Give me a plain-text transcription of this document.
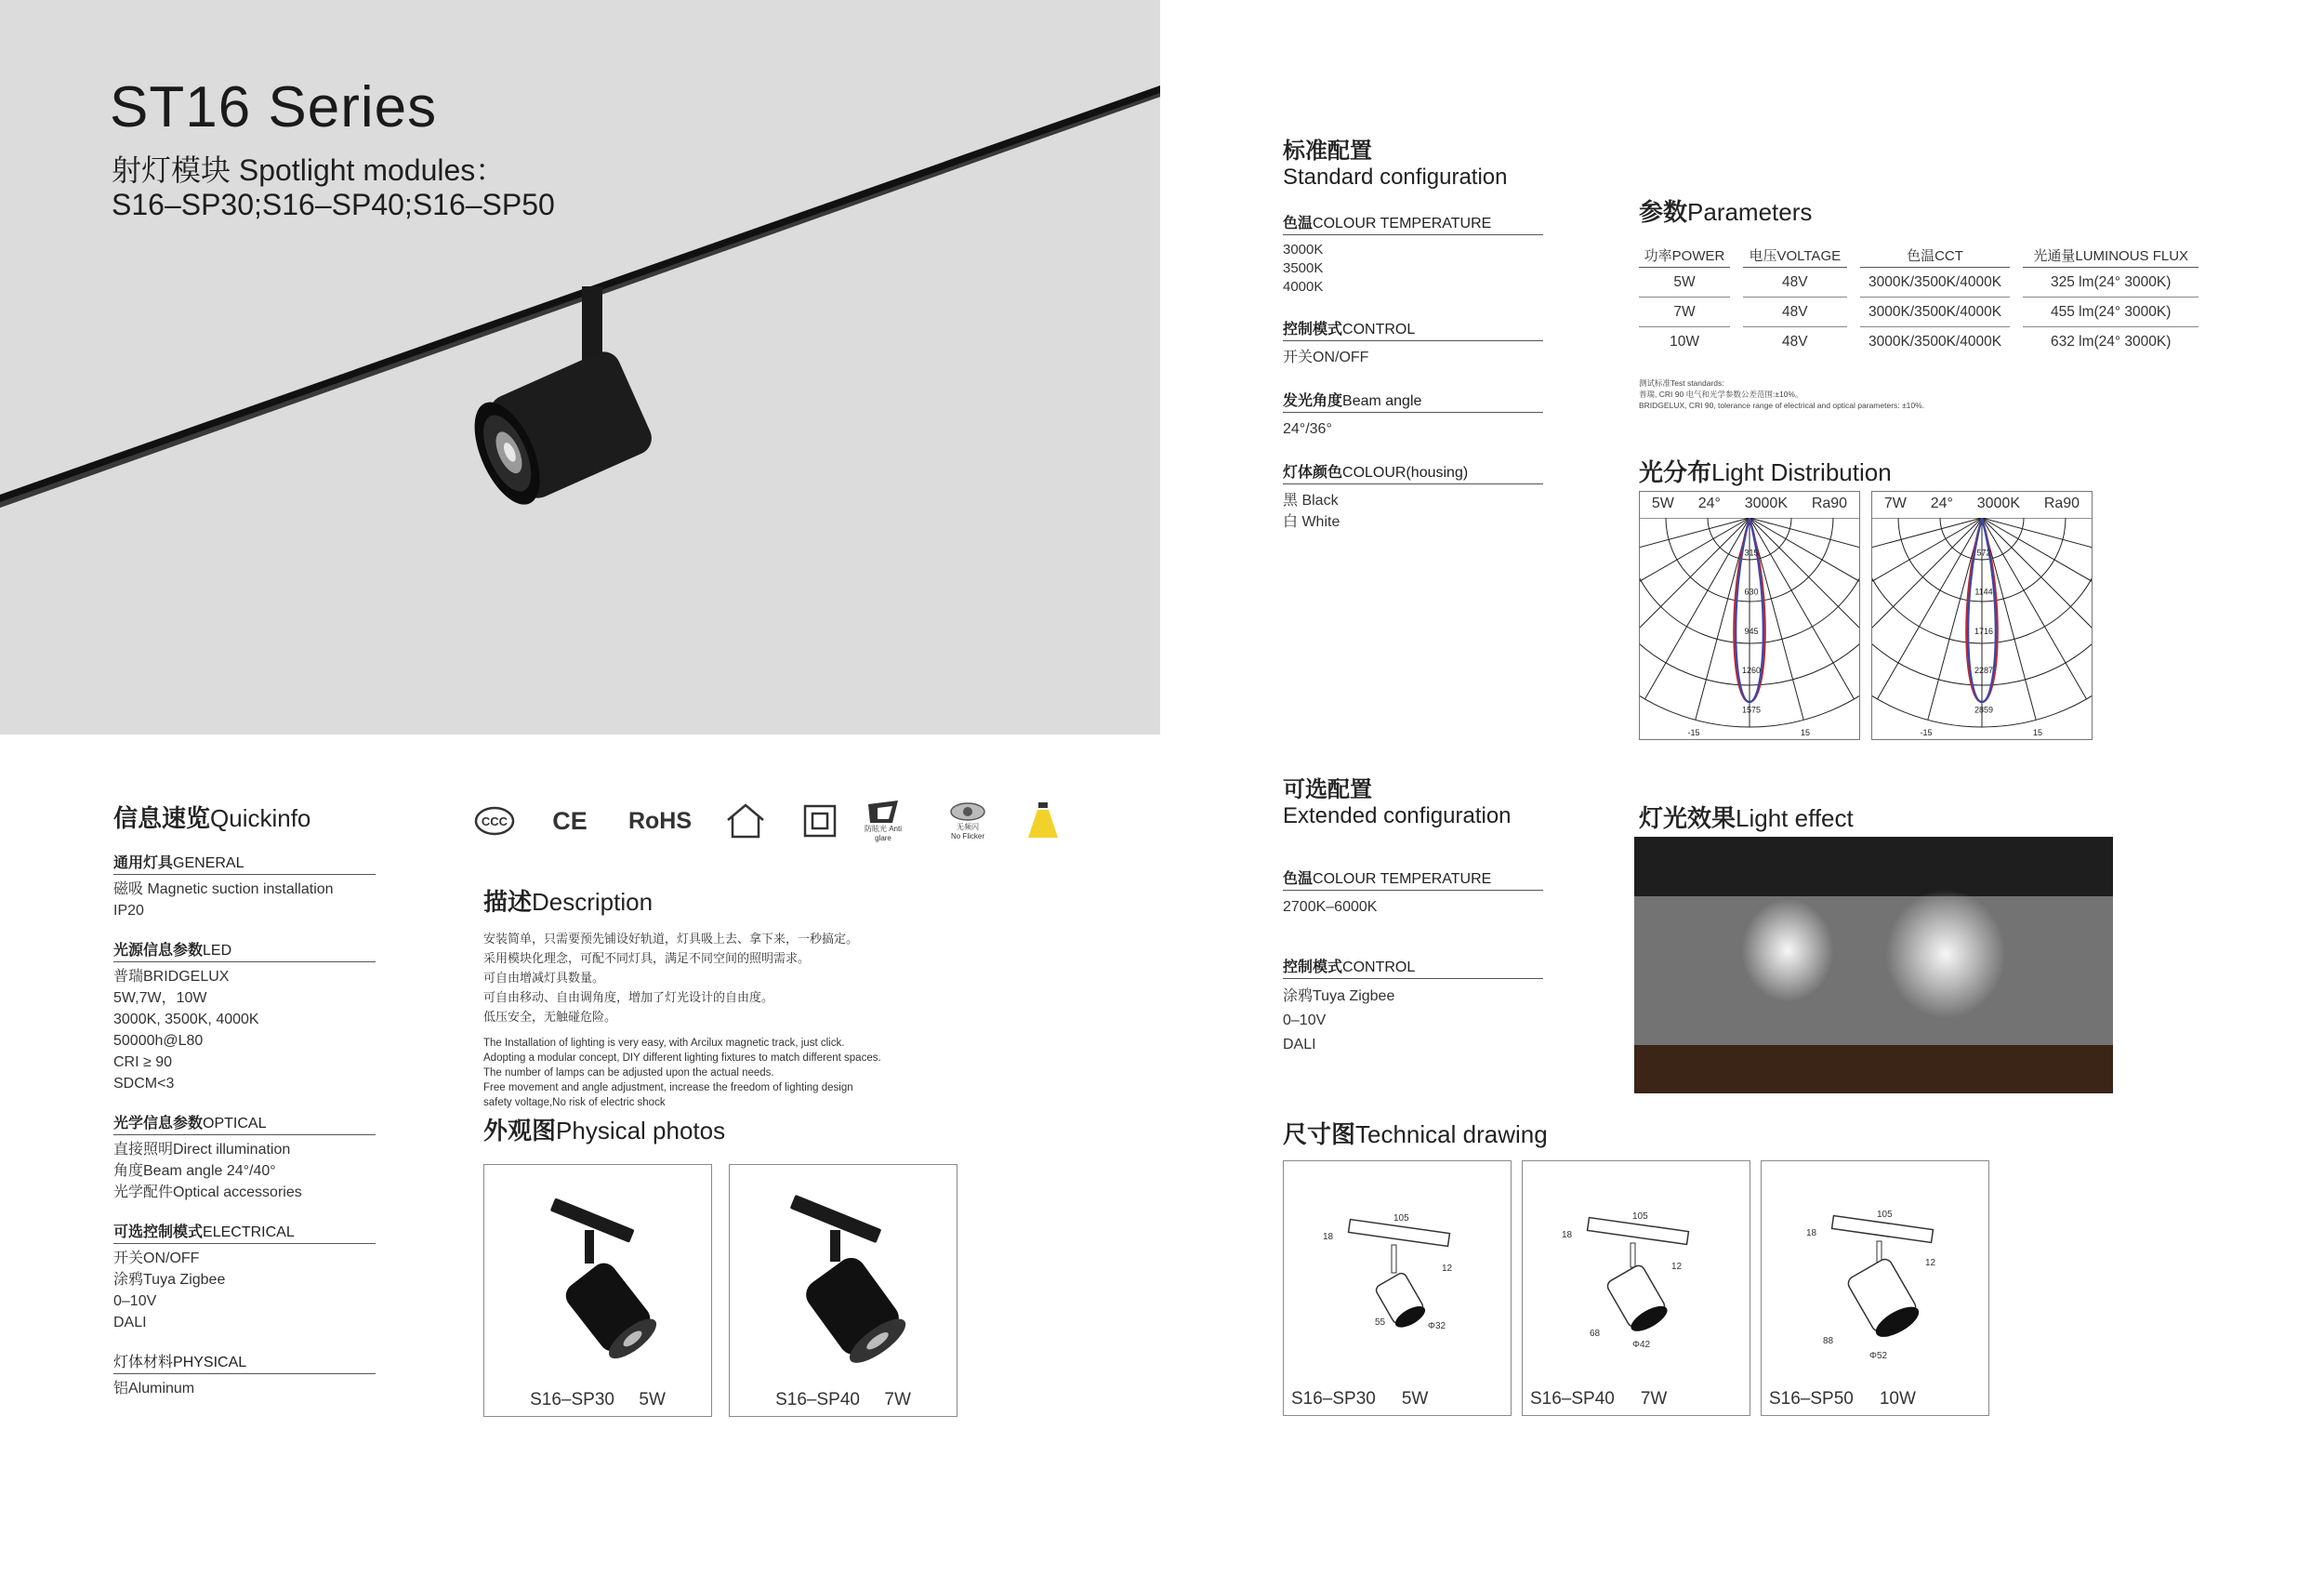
ST16 Series
射灯模块 Spotlight modules：
S16–SP30;S16–SP40;S16–SP50
信息速览Quickinfo
通用灯具GENERAL
磁吸 Magnetic suction installation
IP20
光源信息参数LED
普瑞BRIDGELUX
5W,7W，10W
3000K, 3500K, 4000K
50000h@L80
CRI ≥ 90
SDCM<3
光学信息参数OPTICAL
直接照明Direct illumination
角度Beam angle 24°/40°
光学配件Optical accessories
可选控制模式ELECTRICAL
开关ON/OFF
涂鸦Tuya Zigbee
0–10V
DALI
灯体材料PHYSICAL
铝Aluminum
CCC CE RoHS	防眩光 Anti glare
无频闪
No Flicker
描述Description
安装简单，只需要预先铺设好轨道，灯具吸上去、拿下来，一秒搞定。
采用模块化理念，可配不同灯具，满足不同空间的照明需求。
可自由增减灯具数量。
可自由移动、自由调角度，增加了灯光设计的自由度。
低压安全，无触碰危险。
The Installation of lighting is very easy, with Arcilux magnetic track, just click.
Adopting a modular concept, DIY different lighting fixtures to match different spaces.
The number of lamps can be adjusted upon the actual needs.
Free movement and angle adjustment, increase the freedom of lighting design
safety voltage,No risk of electric shock
外观图Physical photos
S16–SP30 5W	S16–SP40 7W
标准配置
Standard configuration
色温COLOUR TEMPERATURE
3000K
3500K
4000K
控制模式CONTROL
开关ON/OFF
发光角度Beam angle
24°/36°
灯体颜色COLOUR(housing)
黑 Black
白 White
参数Parameters
功率POWER	电压VOLTAGE	色温CCT	光通量LUMINOUS FLUX
5W	48V	3000K/3500K/4000K	325 lm(24° 3000K)
7W	48V	3000K/3500K/4000K	455 lm(24° 3000K)
10W	48V	3000K/3500K/4000K	632 lm(24° 3000K)
测试标准Test standards:
普瑞, CRI 90 电气和光学参数公差范围:±10%。
BRIDGELUX, CRI 90, tolerance range of electrical and optical parameters: ±10%.
光分布Light Distribution
5W 24° 3000K Ra90
315
630
945
1260
1575
-15	15
7W 24° 3000K Ra90
572
1144
1716
2287
2859
-15	15
可选配置
Extended configuration
色温COLOUR TEMPERATURE
2700K–6000K
控制模式CONTROL
涂鸦Tuya Zigbee
0–10V
DALI
灯光效果Light effect
尺寸图Technical drawing
105
18
12
55	Φ32
S16–SP30 5W
105
18
12
68
Φ42
S16–SP40 7W
105
18
12
88
Φ52
S16–SP50 10W
